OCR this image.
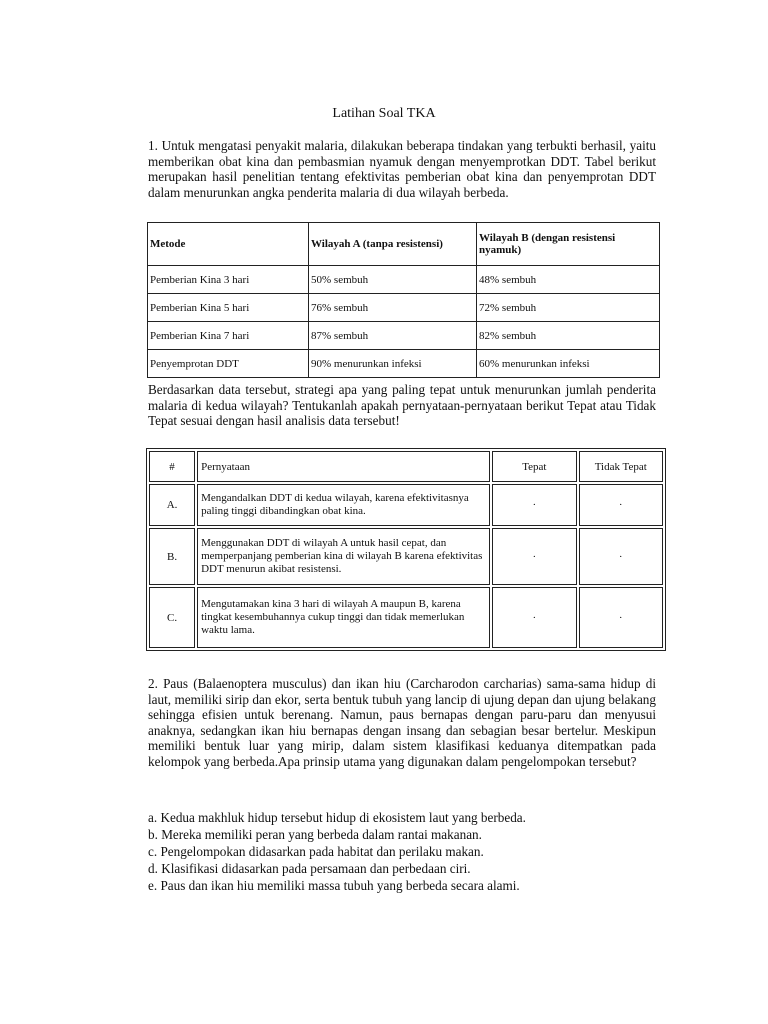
Latihan Soal TKA

1. Untuk mengatasi penyakit malaria, dilakukan beberapa tindakan yang terbukti berhasil, yaitu memberikan obat kina dan pembasmian nyamuk dengan menyemprotkan DDT. Tabel berikut merupakan hasil penelitian tentang efektivitas pemberian obat kina dan penyemprotan DDT dalam menurunkan angka penderita malaria di dua wilayah berbeda.

Metode	Wilayah A (tanpa resistensi)	Wilayah B (dengan resistensi nyamuk)
Pemberian Kina 3 hari	50% sembuh	48% sembuh
Pemberian Kina 5 hari	76% sembuh	72% sembuh
Pemberian Kina 7 hari	87% sembuh	82% sembuh
Penyemprotan DDT	90% menurunkan infeksi	60% menurunkan infeksi

Berdasarkan data tersebut, strategi apa yang paling tepat untuk menurunkan jumlah penderita malaria di kedua wilayah? Tentukanlah apakah pernyataan-pernyataan berikut Tepat atau Tidak Tepat sesuai dengan hasil analisis data tersebut!

#	Pernyataan	Tepat	Tidak Tepat
A.	Mengandalkan DDT di kedua wilayah, karena efektivitasnya paling tinggi dibandingkan obat kina.	·	·
B.	Menggunakan DDT di wilayah A untuk hasil cepat, dan memperpanjang pemberian kina di wilayah B karena efektivitas DDT menurun akibat resistensi.	·	·
C.	Mengutamakan kina 3 hari di wilayah A maupun B, karena tingkat kesembuhannya cukup tinggi dan tidak memerlukan waktu lama.	·	·

2. Paus (Balaenoptera musculus) dan ikan hiu (Carcharodon carcharias) sama-sama hidup di laut, memiliki sirip dan ekor, serta bentuk tubuh yang lancip di ujung depan dan ujung belakang sehingga efisien untuk berenang. Namun, paus bernapas dengan paru-paru dan menyusui anaknya, sedangkan ikan hiu bernapas dengan insang dan sebagian besar bertelur. Meskipun memiliki bentuk luar yang mirip, dalam sistem klasifikasi keduanya ditempatkan pada kelompok yang berbeda.Apa prinsip utama yang digunakan dalam pengelompokan tersebut?

a. Kedua makhluk hidup tersebut hidup di ekosistem laut yang berbeda.
b. Mereka memiliki peran yang berbeda dalam rantai makanan.
c. Pengelompokan didasarkan pada habitat dan perilaku makan.
d. Klasifikasi didasarkan pada persamaan dan perbedaan ciri.
e. Paus dan ikan hiu memiliki massa tubuh yang berbeda secara alami.
